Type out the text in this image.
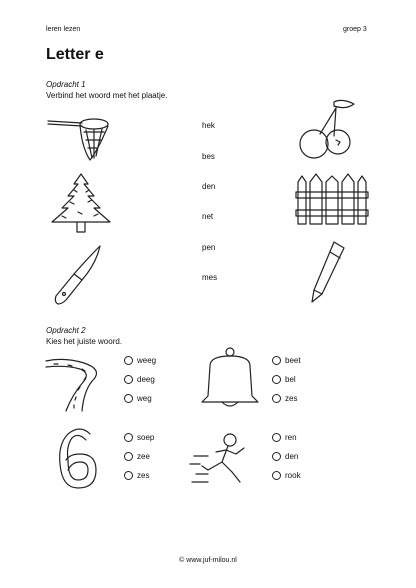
leren lezen	groep 3
Letter e
Opdracht 1
Verbind het woord met het plaatje.
hek
bes
den
net
pen
mes
Opdracht 2
Kies het juiste woord.
weeg
deeg
weg
beet
bel
zes
soep
zee
zes
ren
den
rook
© www.juf-milou.nl
